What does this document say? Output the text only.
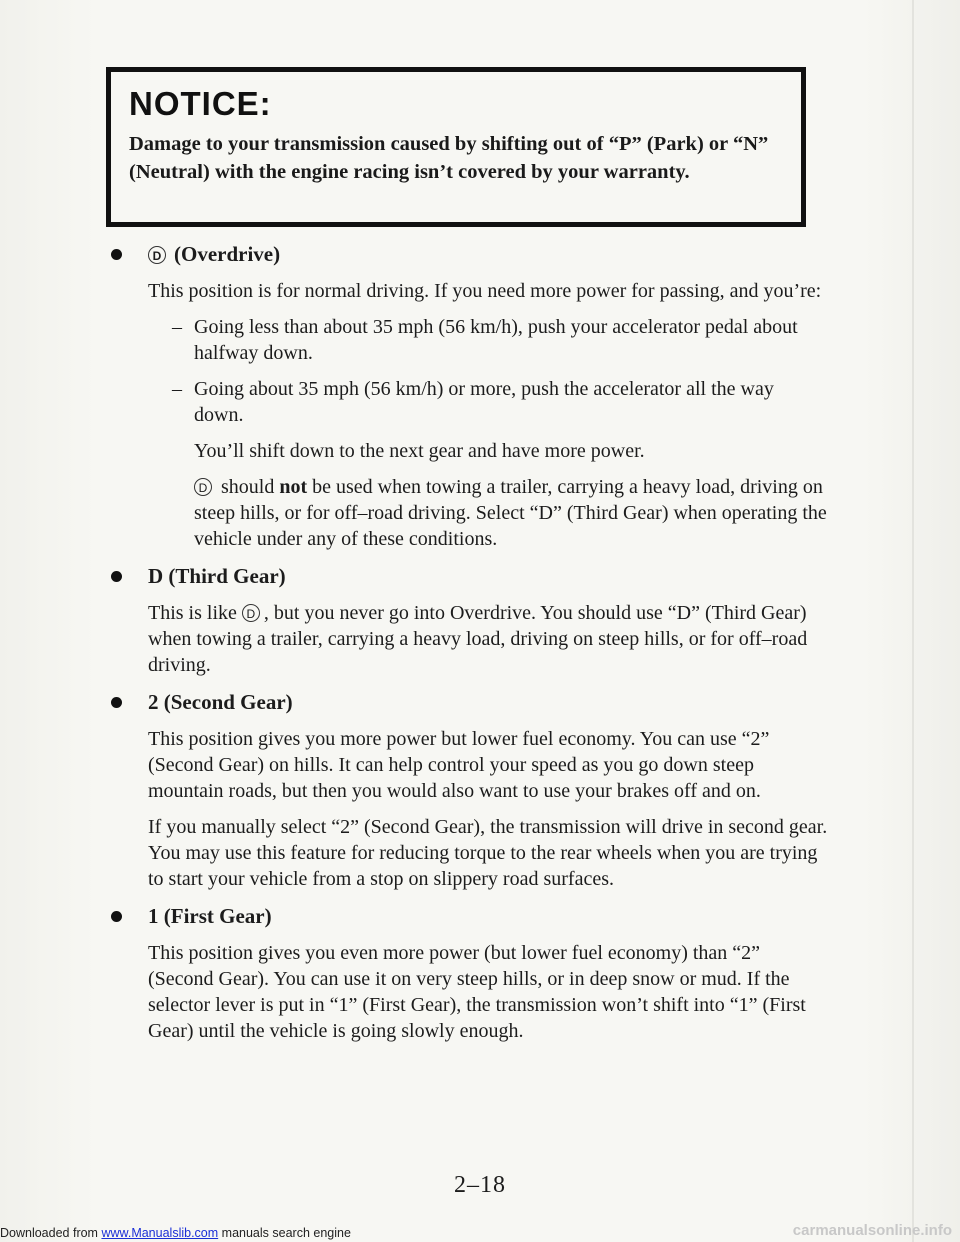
NOTICE:

Damage to your transmission caused by shifting out of “P” (Park) or “N” (Neutral) with the engine racing isn’t covered by your warranty.

D (Overdrive)

This position is for normal driving. If you need more power for passing, and you’re:

– Going less than about 35 mph (56 km/h), push your accelerator pedal about halfway down.
– Going about 35 mph (56 km/h) or more, push the accelerator all the way down.

You’ll shift down to the next gear and have more power.

D should not be used when towing a trailer, carrying a heavy load, driving on steep hills, or for off–road driving. Select “D” (Third Gear) when operating the vehicle under any of these conditions.

D (Third Gear)

This is like D , but you never go into Overdrive. You should use “D” (Third Gear) when towing a trailer, carrying a heavy load, driving on steep hills, or for off–road driving.

2 (Second Gear)

This position gives you more power but lower fuel economy. You can use “2” (Second Gear) on hills. It can help control your speed as you go down steep mountain roads, but then you would also want to use your brakes off and on.

If you manually select “2” (Second Gear), the transmission will drive in second gear. You may use this feature for reducing torque to the rear wheels when you are trying to start your vehicle from a stop on slippery road surfaces.

1 (First Gear)

This position gives you even more power (but lower fuel economy) than “2” (Second Gear). You can use it on very steep hills, or in deep snow or mud. If the selector lever is put in “1” (First Gear), the transmission won’t shift into “1” (First Gear) until the vehicle is going slowly enough.

2–18
Downloaded from www.Manualslib.com manuals search engine	carmanualsonline.info
